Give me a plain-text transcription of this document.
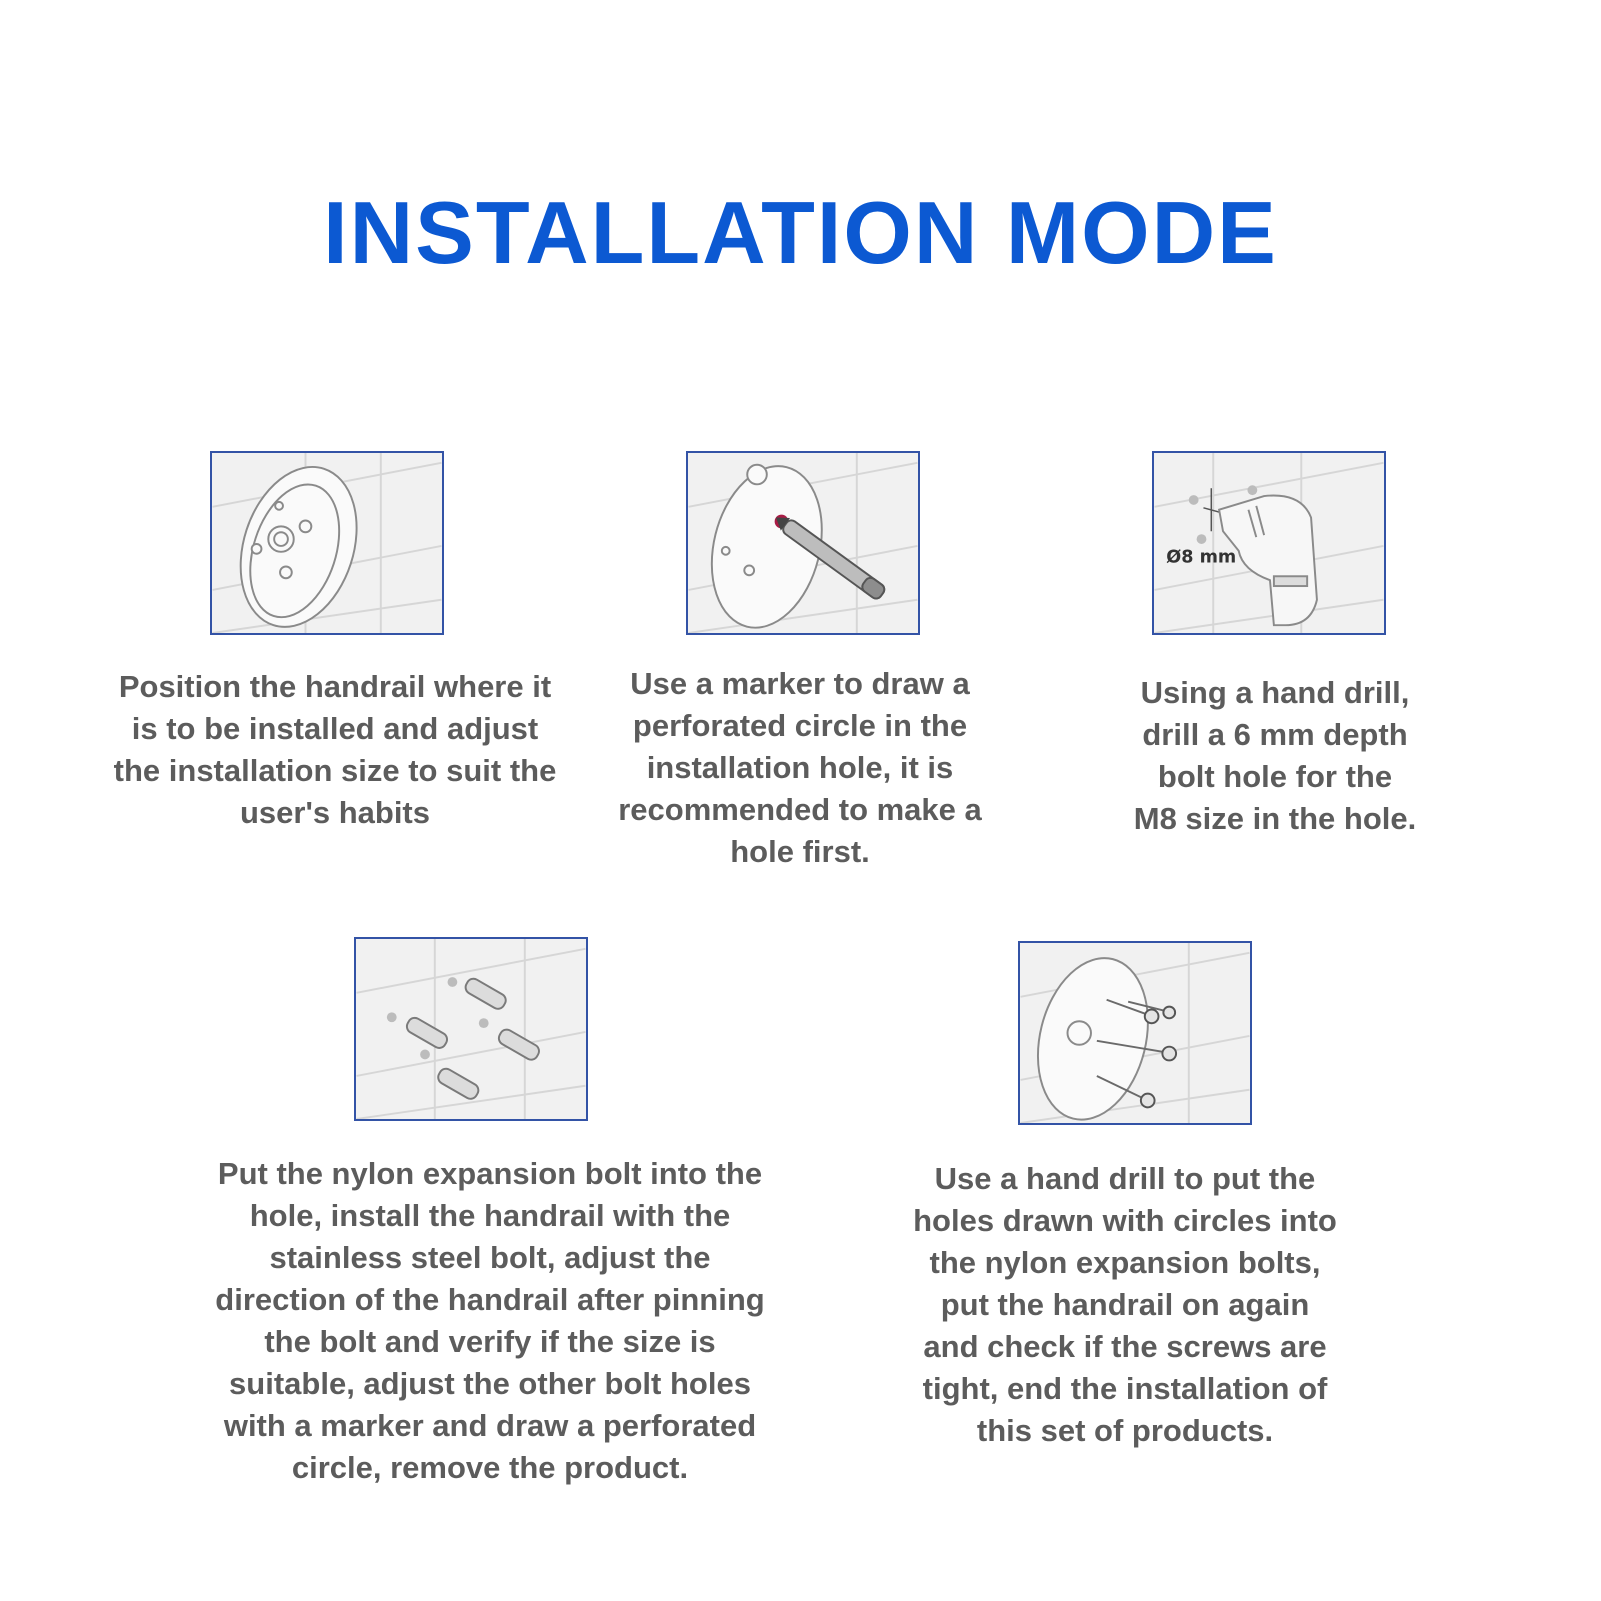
INSTALLATION MODE

Position the handrail where it
is to be installed and adjust
the installation size to suit the
user's habits

Use a marker to draw a
perforated circle in the
installation hole, it is
recommended to make a
hole first.

Ø8 mm

Using a hand drill,
drill a 6 mm depth
bolt hole for the
M8 size in the hole.

Put the nylon expansion bolt into the
hole, install the handrail with the
stainless steel bolt, adjust the
direction of the handrail after pinning
the bolt and verify if the size is
suitable, adjust the other bolt holes
with a marker and draw a perforated
circle, remove the product.

Use a hand drill to put the
holes drawn with circles into
the nylon expansion bolts,
put the handrail on again
and check if the screws are
tight, end the installation of
this set of products.
